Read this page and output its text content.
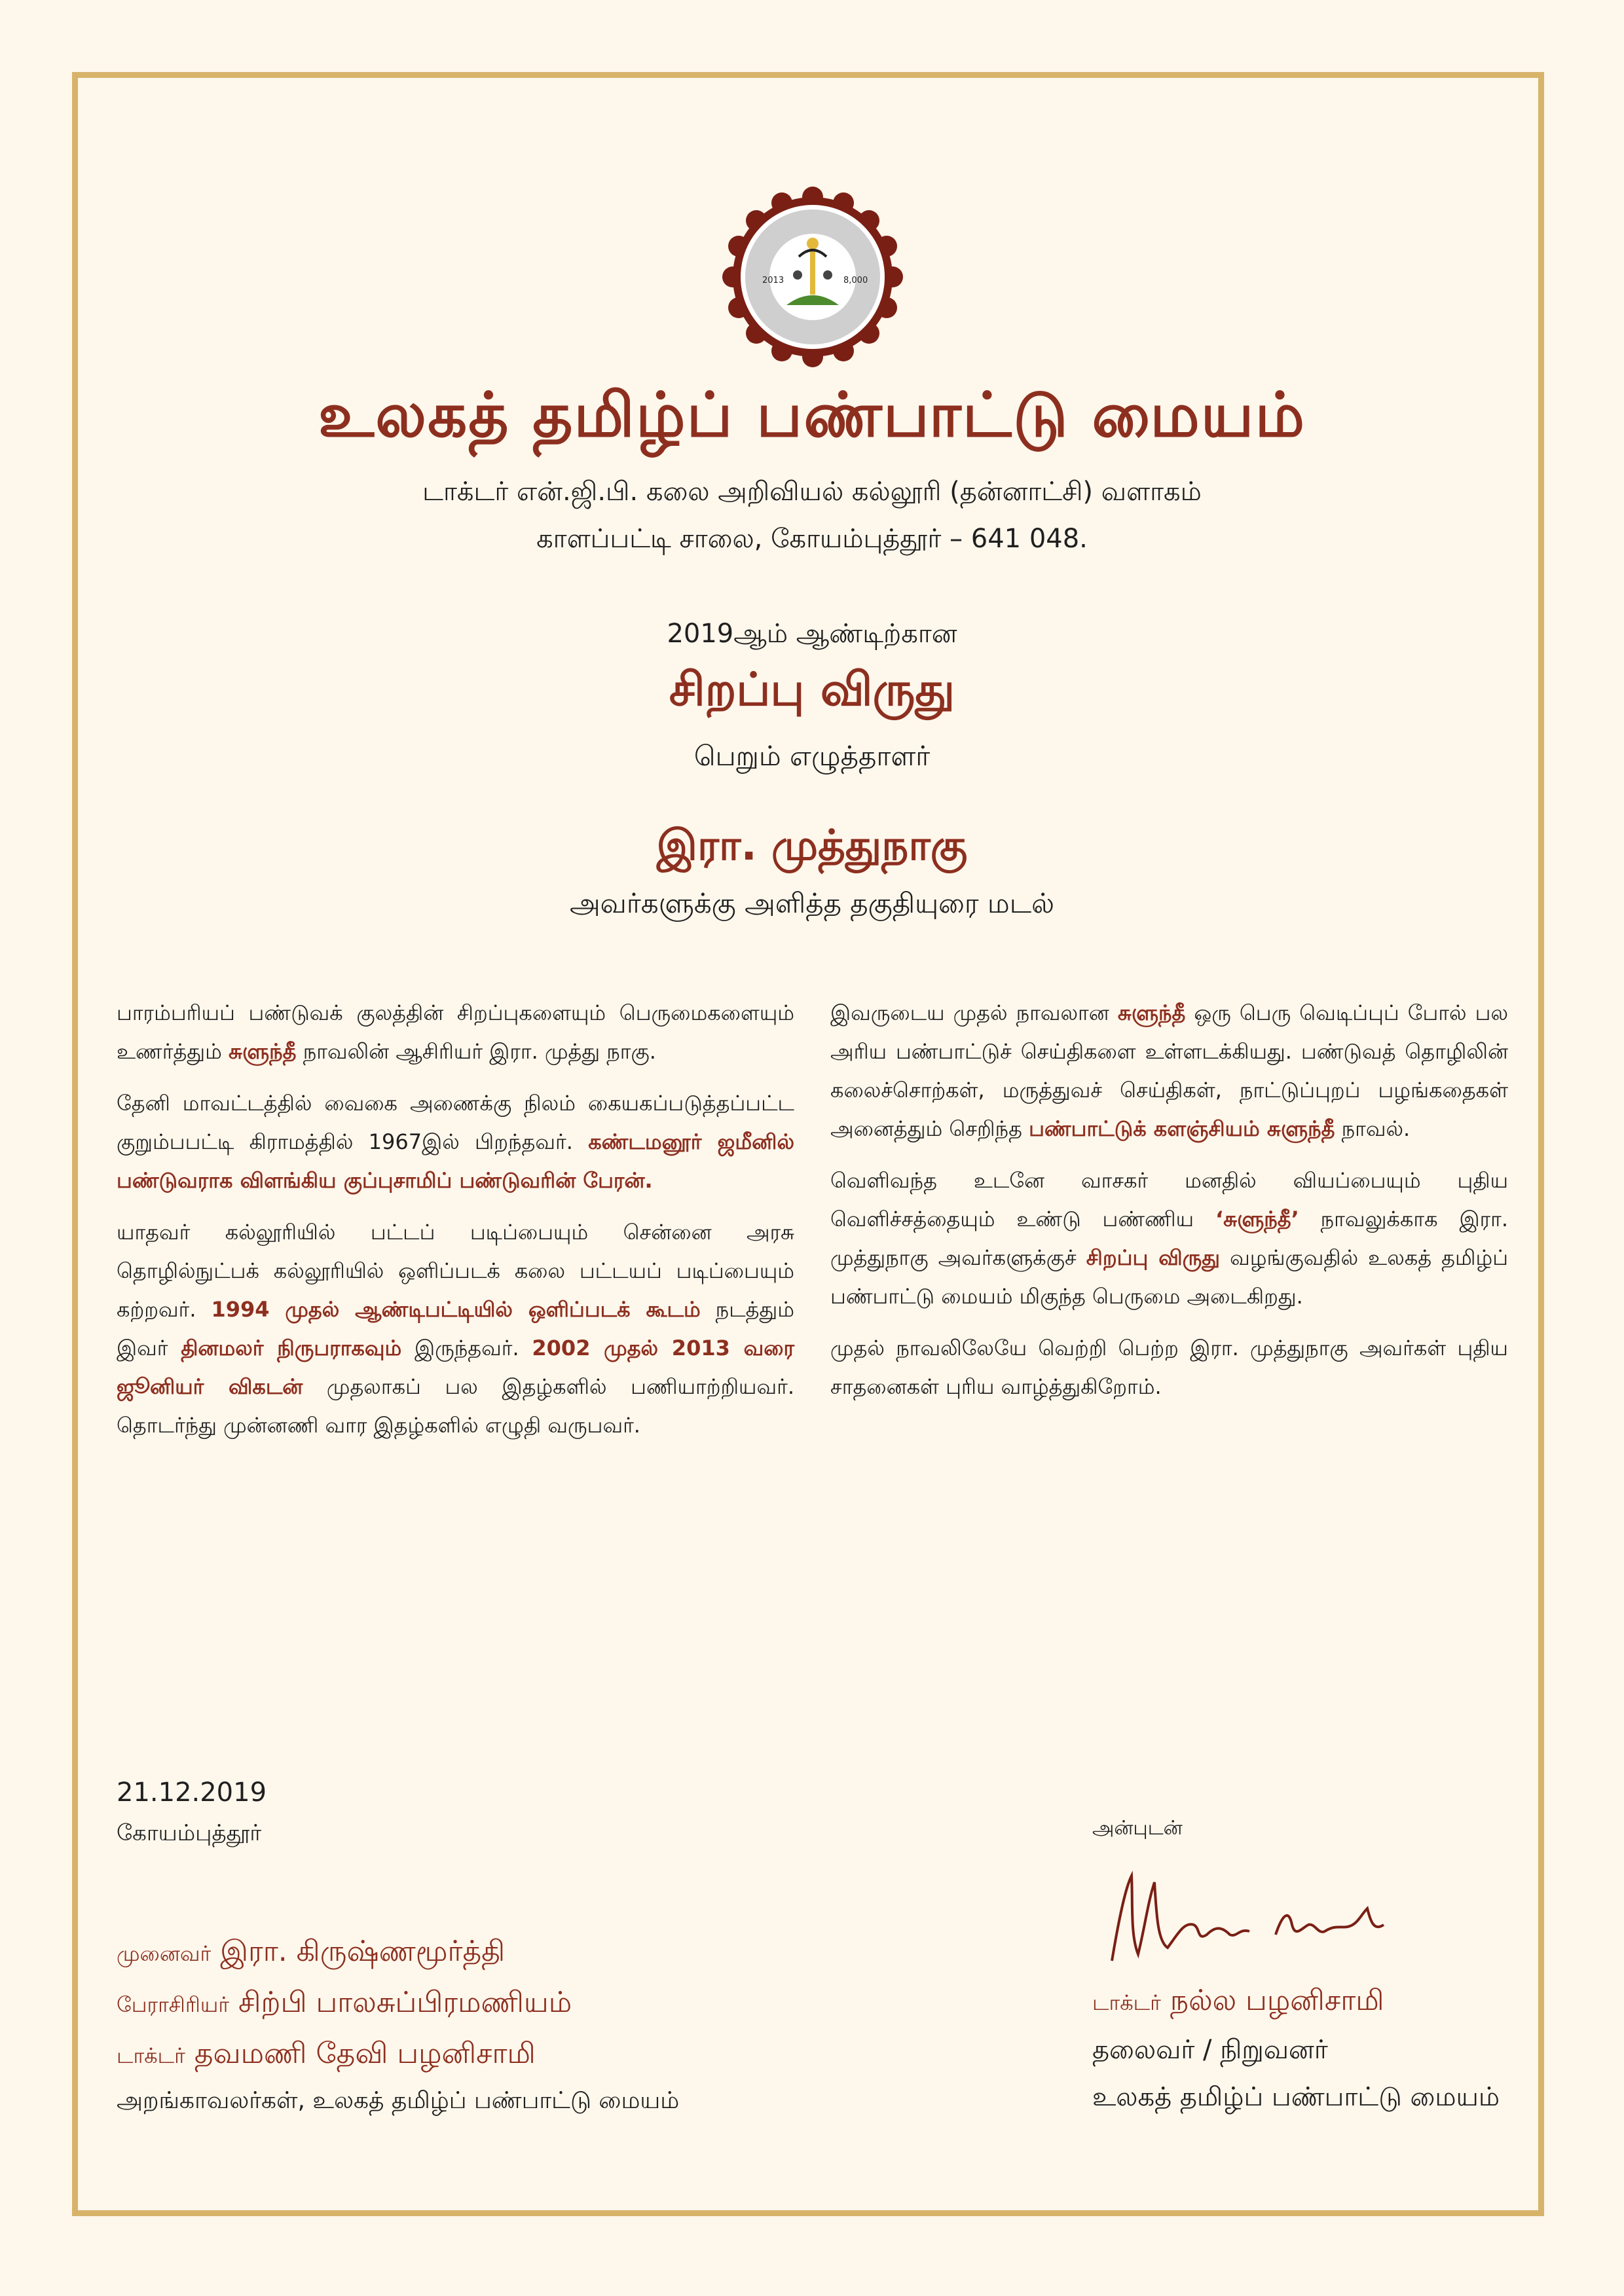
2013	8,000
உலகத் தமிழ்ப் பண்பாட்டு மையம்
டாக்டர் என்.ஜி.பி. கலை அறிவியல் கல்லூரி (தன்னாட்சி) வளாகம்
காளப்பட்டி சாலை, கோயம்புத்தூர் – 641 048.
2019ஆம் ஆண்டிற்கான
சிறப்பு விருது
பெறும் எழுத்தாளர்
இரா. முத்துநாகு
அவர்களுக்கு அளித்த தகுதியுரை மடல்

பாரம்பரியப் பண்டுவக் குலத்தின் சிறப்புகளையும் பெருமைகளையும் உணர்த்தும் சுளுந்தீ நாவலின் ஆசிரியர் இரா. முத்து நாகு.

தேனி மாவட்டத்தில் வைகை அணைக்கு நிலம் கையகப்படுத்தப்பட்ட குறும்பபட்டி கிராமத்தில் 1967இல் பிறந்தவர். கண்டமனூர் ஜமீனில் பண்டுவராக விளங்கிய குப்புசாமிப் பண்டுவரின் பேரன்.

யாதவர் கல்லூரியில் பட்டப் படிப்பையும் சென்னை அரசு தொழில்நுட்பக் கல்லூரியில் ஒளிப்படக் கலை பட்டயப் படிப்பையும் கற்றவர். 1994 முதல் ஆண்டிபட்டியில் ஒளிப்படக் கூடம் நடத்தும் இவர் தினமலர் நிருபராகவும் இருந்தவர். 2002 முதல் 2013 வரை ஜூனியர் விகடன் முதலாகப் பல இதழ்களில் பணியாற்றியவர். தொடர்ந்து முன்னணி வார இதழ்களில் எழுதி வருபவர்.

இவருடைய முதல் நாவலான சுளுந்தீ ஒரு பெரு வெடிப்புப் போல் பல அரிய பண்பாட்டுச் செய்திகளை உள்ளடக்கியது. பண்டுவத் தொழிலின் கலைச்சொற்கள், மருத்துவச் செய்திகள், நாட்டுப்புறப் பழங்கதைகள் அனைத்தும் செறிந்த பண்பாட்டுக் களஞ்சியம் சுளுந்தீ நாவல்.

வெளிவந்த உடனே வாசகர் மனதில் வியப்பையும் புதிய வெளிச்சத்தையும் உண்டு பண்ணிய ‘சுளுந்தீ’ நாவலுக்காக இரா. முத்துநாகு அவர்களுக்குச் சிறப்பு விருது வழங்குவதில் உலகத் தமிழ்ப் பண்பாட்டு மையம் மிகுந்த பெருமை அடைகிறது.

முதல் நாவலிலேயே வெற்றி பெற்ற இரா. முத்துநாகு அவர்கள் புதிய சாதனைகள் புரிய வாழ்த்துகிறோம்.

21.12.2019
கோயம்புத்தூர்	அன்புடன்
டாக்டர் நல்ல பழனிசாமி
தலைவர் / நிறுவனர்
உலகத் தமிழ்ப் பண்பாட்டு மையம்
முனைவர் இரா. கிருஷ்ணமூர்த்தி
பேராசிரியர் சிற்பி பாலசுப்பிரமணியம்
டாக்டர் தவமணி தேவி பழனிசாமி
அறங்காவலர்கள், உலகத் தமிழ்ப் பண்பாட்டு மையம்
